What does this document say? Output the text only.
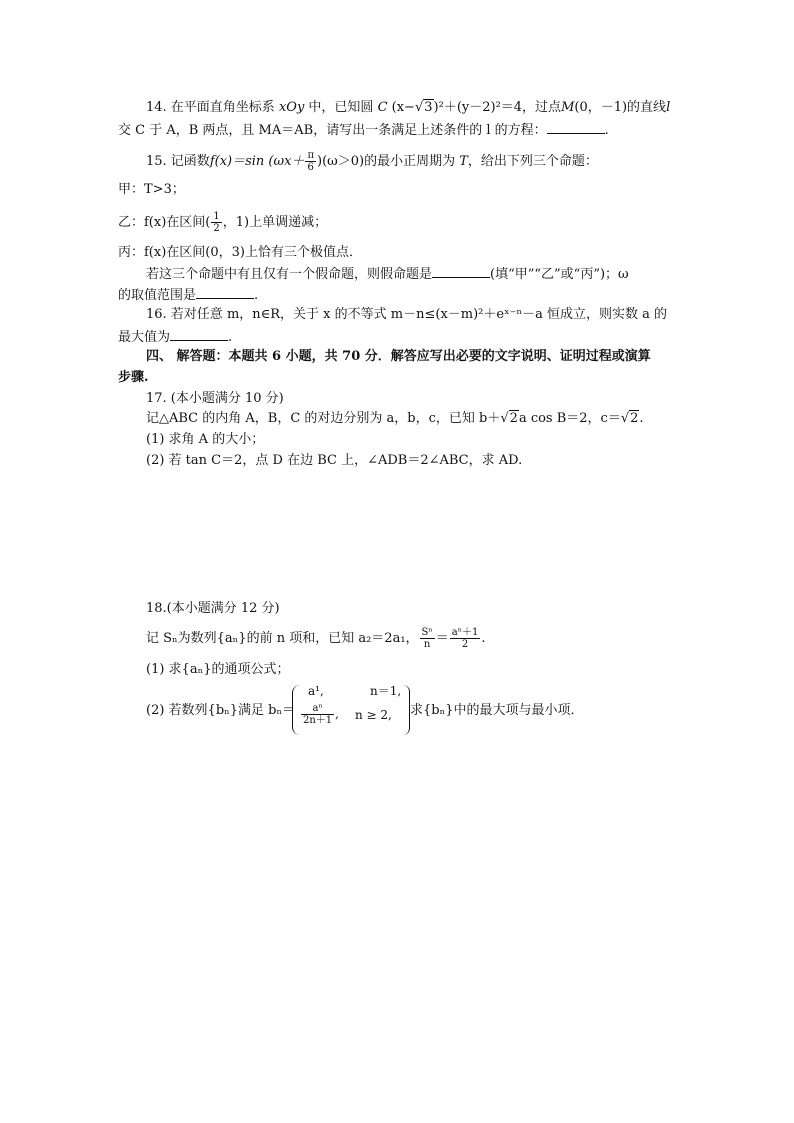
14. 在平面直角坐标系 xOy 中，已知圆 C (x−√3)²＋(y－2)²＝4，过点M(0，－1)的直线l
交 C 于 A，B 两点，且 MA＝AB，请写出一条满足上述条件的 l 的方程：	.
15. 记函数f(x)＝sin $(\omega x+ \frac{\pi}{6} )(\omega>0)$的最小正周期为 T，给出下列三个命题：
甲：T>3；
乙：f(x)在区间( $\frac{1}{2}$ ，1)上单调递减；
丙：f(x)在区间(0，3)上恰有三个极值点．
若这三个命题中有且仅有一个假命题，则假命题是	(填“甲”“乙”或“丙”)；ω
的取值范围是	.
16. 若对任意 m，n∈R，关于 x 的不等式 m－n≤(x－m)²＋eˣ⁻ⁿ－a 恒成立，则实数 a 的
最大值为	.
四、 解答题：本题共 6 小题，共 70 分．解答应写出必要的文字说明、证明过程或演算
步骤.
17. (本小题满分 10 分)
记△ABC 的内角 A，B，C 的对边分别为 a，b，c，已知 b＋√2a cos B＝2，c＝√2.
(1) 求角 A 的大小；
(2) 若 tan C＝2，点 D 在边 BC 上，∠ADB＝2∠ABC，求 AD.
18.(本小题满分 12 分)
记 Sₙ为数列{aₙ}的前 n 项和，已知 a₂＝2a₁， $\frac{\text{Sⁿ}}{n} = \frac{\text{aⁿ＋1}}{2}$ .
(1) 求{aₙ}的通项公式；
(2) 若数列{bₙ}满足 bₙ＝
a¹,	n＝1,
$\frac{\text{aⁿ}}{2n+1}$ , n ≥ 2, 求{bₙ}中的最大项与最小项．
